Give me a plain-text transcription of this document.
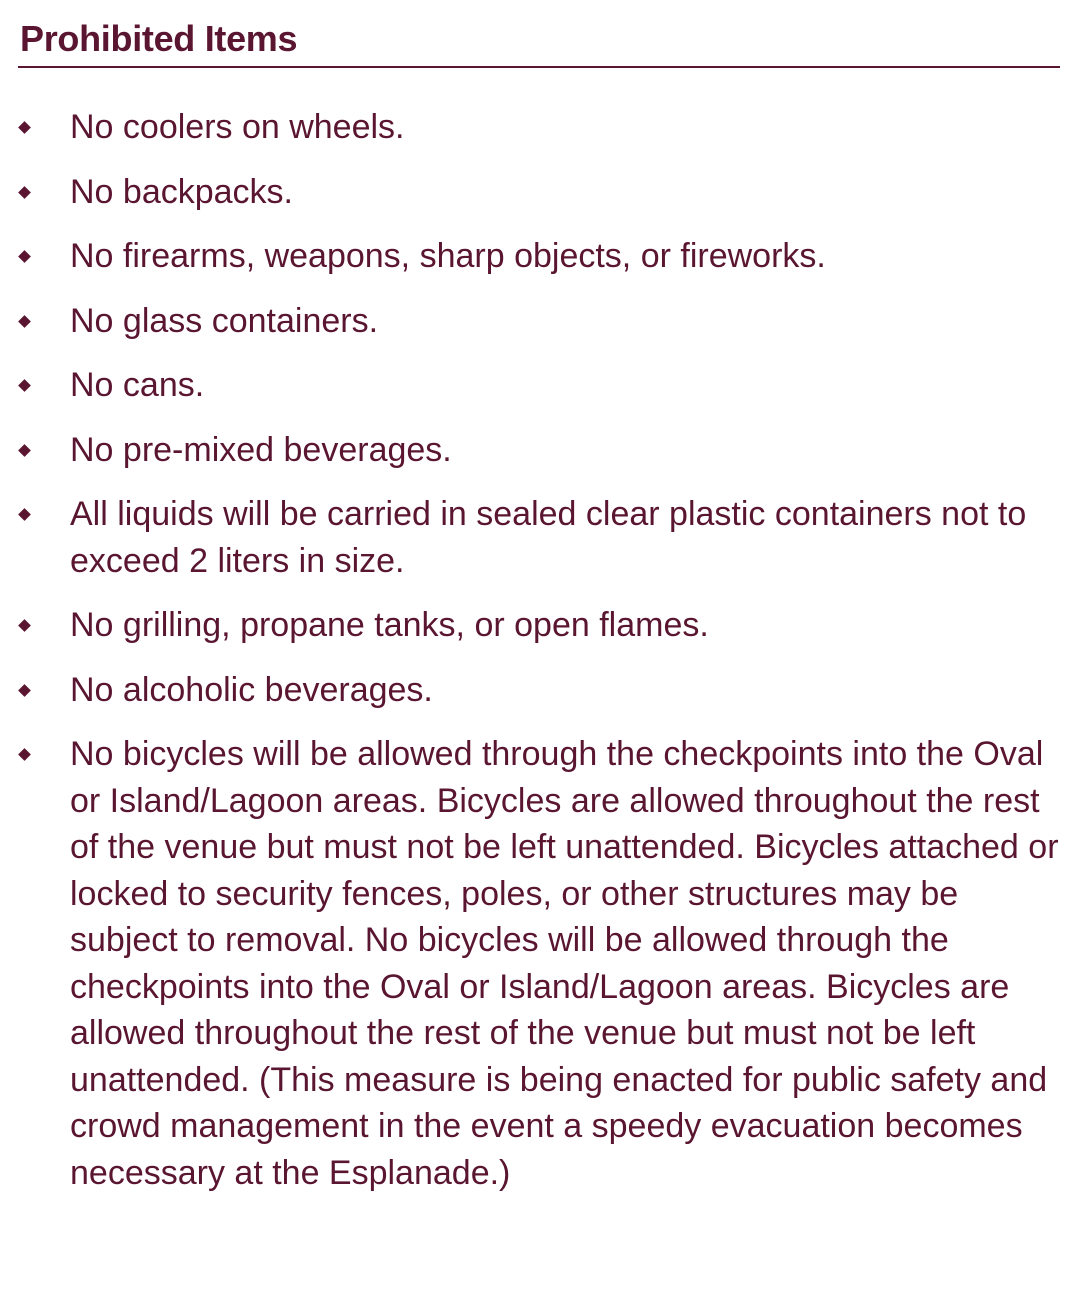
Prohibited Items
No coolers on wheels.
No backpacks.
No firearms, weapons, sharp objects, or fireworks.
No glass containers.
No cans.
No pre-mixed beverages.
All liquids will be carried in sealed clear plastic containers not to exceed 2 liters in size.
No grilling, propane tanks, or open flames.
No alcoholic beverages.
No bicycles will be allowed through the checkpoints into the Oval or Island/Lagoon areas. Bicycles are allowed throughout the rest of the venue but must not be left unattended. Bicycles attached or locked to security fences, poles, or other structures may be subject to removal. No bicycles will be allowed through the checkpoints into the Oval or Island/Lagoon areas. Bicycles are allowed throughout the rest of the venue but must not be left unattended. (This measure is being enacted for public safety and crowd management in the event a speedy evacuation becomes necessary at the Esplanade.)
